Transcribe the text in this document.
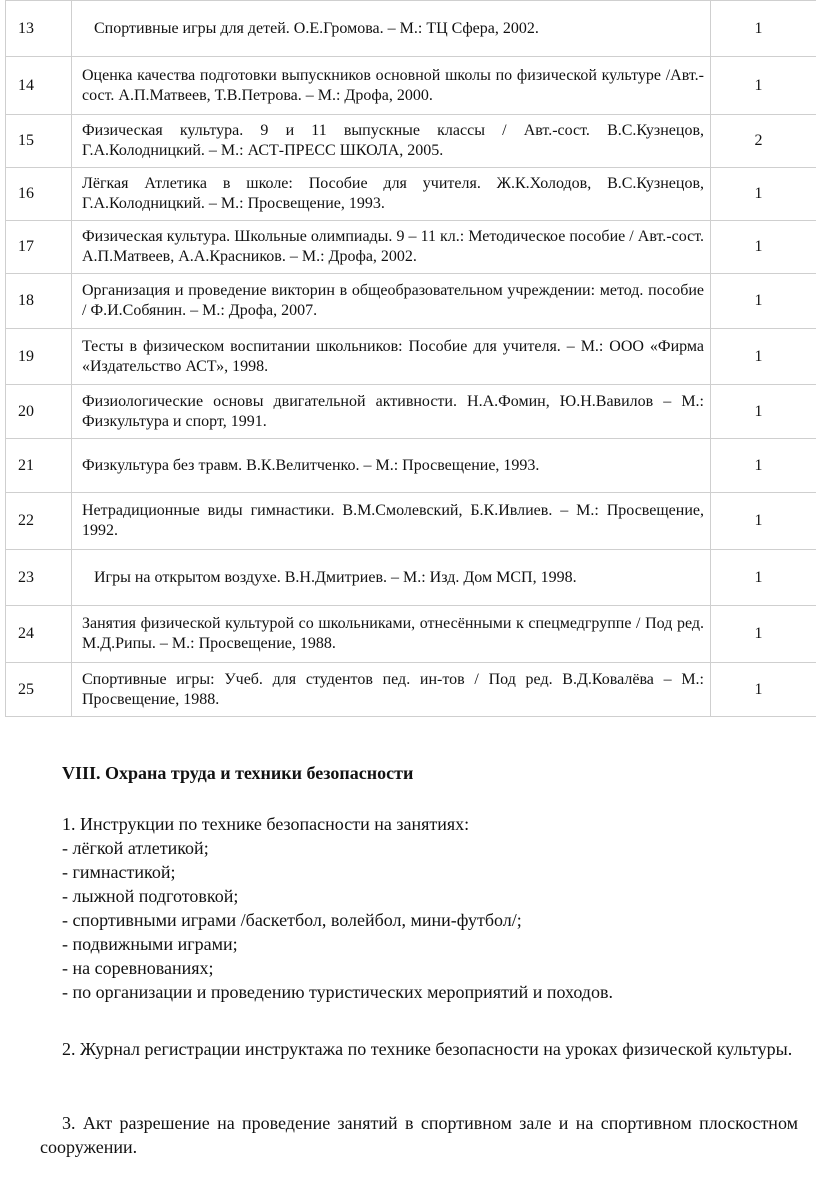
13	Спортивные игры для детей. О.Е.Громова. – М.: ТЦ Сфера, 2002.	1
14	Оценка качества подготовки выпускников основной школы по физической культуре /Авт.-сост. А.П.Матвеев, Т.В.Петрова. – М.: Дрофа, 2000.	1
15	Физическая культура. 9 и 11 выпускные классы / Авт.-сост. В.С.Кузнецов, Г.А.Колодницкий. – М.: АСТ-ПРЕСС ШКОЛА, 2005.	2
16	Лёгкая Атлетика в школе: Пособие для учителя. Ж.К.Холодов, В.С.Кузнецов, Г.А.Колодницкий. – М.: Просвещение, 1993.	1
17	Физическая культура. Школьные олимпиады. 9 – 11 кл.: Методическое пособие / Авт.-сост. А.П.Матвеев, А.А.Красников. – М.: Дрофа, 2002.	1
18	Организация и проведение викторин в общеобразовательном учреждении: метод. пособие / Ф.И.Собянин. – М.: Дрофа, 2007.	1
19	Тесты в физическом воспитании школьников: Пособие для учителя. – М.: ООО «Фирма «Издательство АСТ», 1998.	1
20	Физиологические основы двигательной активности. Н.А.Фомин, Ю.Н.Вавилов – М.: Физкультура и спорт, 1991.	1
21	Физкультура без травм. В.К.Велитченко. – М.: Просвещение, 1993.	1
22	Нетрадиционные виды гимнастики. В.М.Смолевский, Б.К.Ивлиев. – М.: Просвещение, 1992.	1
23	Игры на открытом воздухе. В.Н.Дмитриев. – М.: Изд. Дом МСП, 1998.	1
24	Занятия физической культурой со школьниками, отнесёнными к спецмедгруппе / Под ред. М.Д.Рипы. – М.: Просвещение, 1988.	1
25	Спортивные игры: Учеб. для студентов пед. ин-тов / Под ред. В.Д.Ковалёва – М.: Просвещение, 1988.	1
VIII. Охрана труда и техники безопасности
1. Инструкции по технике безопасности на занятиях:
- лёгкой атлетикой;
- гимнастикой;
- лыжной подготовкой;
- спортивными играми /баскетбол, волейбол, мини-футбол/;
- подвижными играми;
- на соревнованиях;
- по организации и проведению туристических мероприятий и походов.
2. Журнал регистрации инструктажа по технике безопасности на уроках физической культуры.
3. Акт разрешение на проведение занятий в спортивном зале и на спортивном плоскостном сооружении.
